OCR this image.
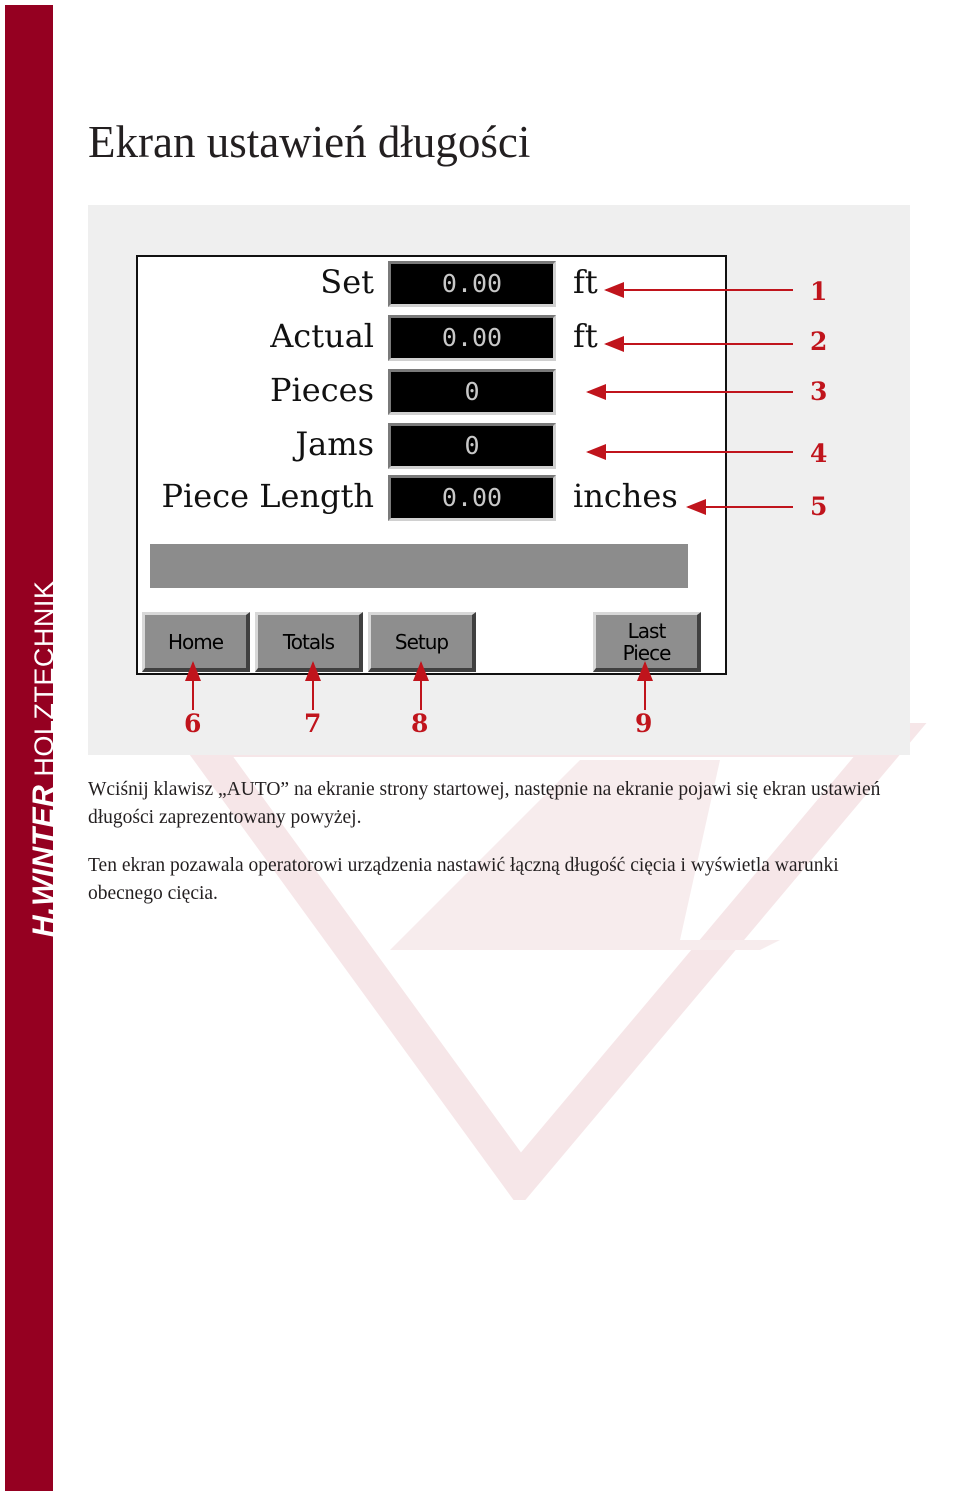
H.WINTER HOLZTECHNIK
Ekran ustawień długości
Set	0.00	ft
Actual	0.00	ft
Pieces	0
Jams	0
Piece Length	0.00	inches
Home	Totals	Setup	Last
Piece
1
2
3
4
5
6	7	8	9
Wciśnij klawisz „AUTO” na ekranie strony startowej, następnie na ekranie pojawi się ekran ustawień długości zaprezentowany powyżej.
Ten ekran pozawala operatorowi urządzenia nastawić łączną długość cięcia i wyświetla warunki obecnego cięcia.
